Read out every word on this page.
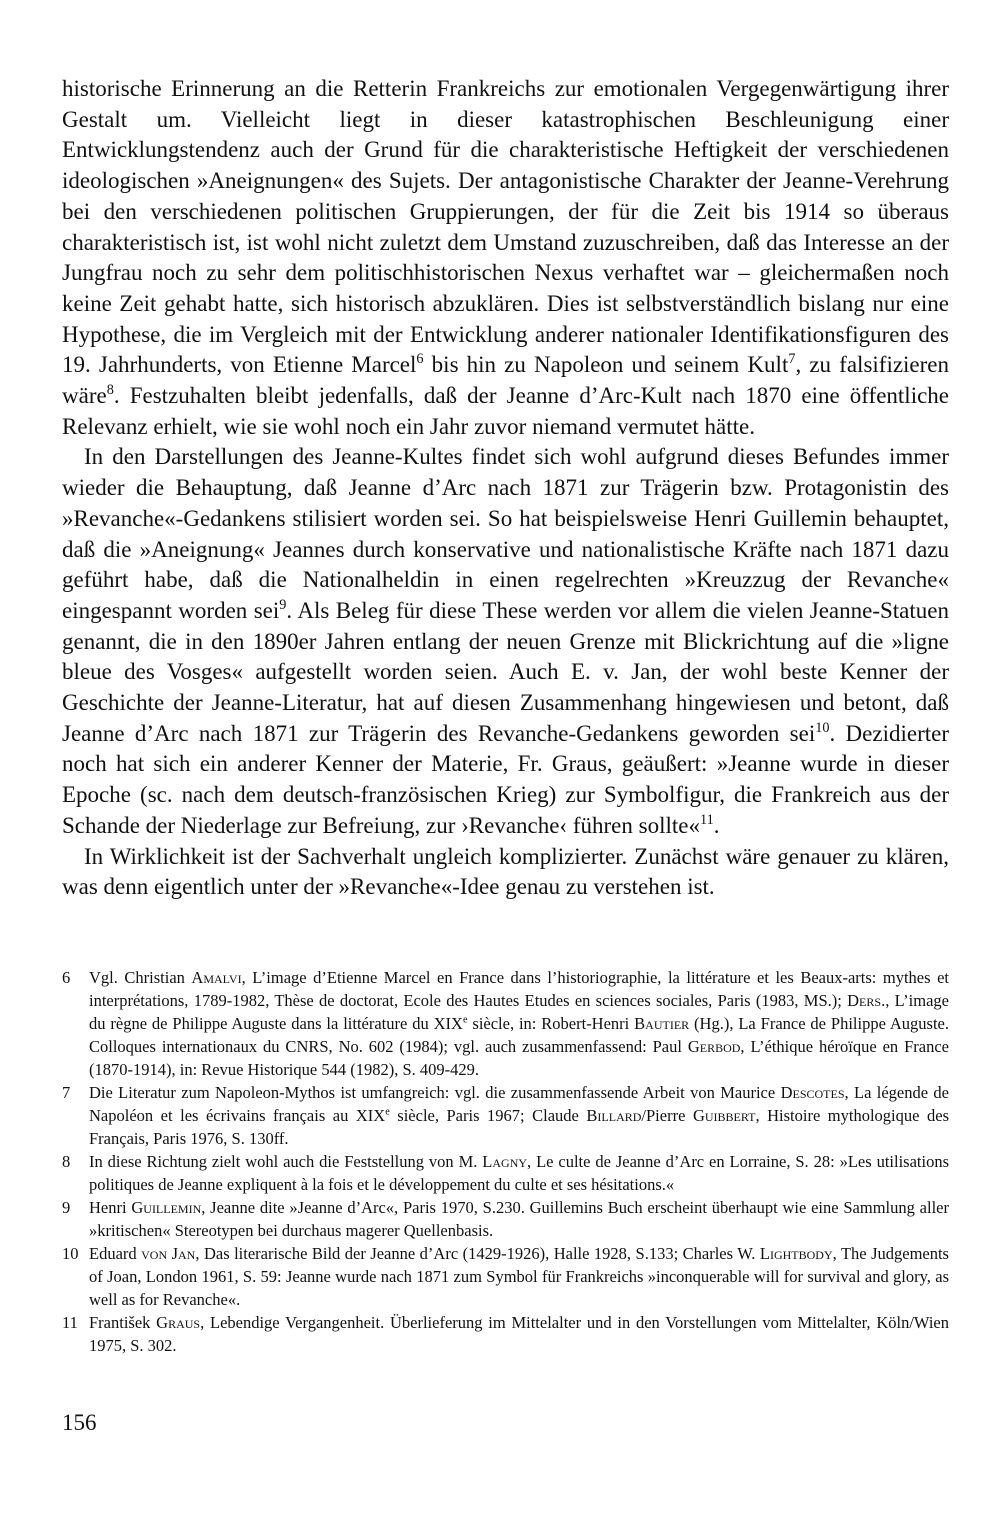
historische Erinnerung an die Retterin Frankreichs zur emotionalen Vergegenwärtigung ihrer Gestalt um. Vielleicht liegt in dieser katastrophischen Beschleunigung einer Entwicklungstendenz auch der Grund für die charakteristische Heftigkeit der verschiedenen ideologischen »Aneignungen« des Sujets. Der antagonistische Charakter der Jeanne-Verehrung bei den verschiedenen politischen Gruppierungen, der für die Zeit bis 1914 so überaus charakteristisch ist, ist wohl nicht zuletzt dem Umstand zuzuschreiben, daß das Interesse an der Jungfrau noch zu sehr dem politischhistorischen Nexus verhaftet war – gleichermaßen noch keine Zeit gehabt hatte, sich historisch abzuklären. Dies ist selbstverständlich bislang nur eine Hypothese, die im Vergleich mit der Entwicklung anderer nationaler Identifikationsfiguren des 19. Jahrhunderts, von Etienne Marcel$^6$ bis hin zu Napoleon und seinem Kult$^7$, zu falsifizieren wäre$^8$. Festzuhalten bleibt jedenfalls, daß der Jeanne d’Arc-Kult nach 1870 eine öffentliche Relevanz erhielt, wie sie wohl noch ein Jahr zuvor niemand vermutet hätte.

In den Darstellungen des Jeanne-Kultes findet sich wohl aufgrund dieses Befundes immer wieder die Behauptung, daß Jeanne d’Arc nach 1871 zur Trägerin bzw. Protagonistin des »Revanche«-Gedankens stilisiert worden sei. So hat beispielsweise Henri Guillemin behauptet, daß die »Aneignung« Jeannes durch konservative und nationalistische Kräfte nach 1871 dazu geführt habe, daß die Nationalheldin in einen regelrechten »Kreuzzug der Revanche« eingespannt worden sei$^9$. Als Beleg für diese These werden vor allem die vielen Jeanne-Statuen genannt, die in den 1890er Jahren entlang der neuen Grenze mit Blickrichtung auf die »ligne bleue des Vosges« aufgestellt worden seien. Auch E. v. Jan, der wohl beste Kenner der Geschichte der Jeanne-Literatur, hat auf diesen Zusammenhang hingewiesen und betont, daß Jeanne d’Arc nach 1871 zur Trägerin des Revanche-Gedankens geworden sei$^{10}$. Dezidierter noch hat sich ein anderer Kenner der Materie, Fr. Graus, geäußert: »Jeanne wurde in dieser Epoche (sc. nach dem deutsch-französischen Krieg) zur Symbolfigur, die Frankreich aus der Schande der Niederlage zur Befreiung, zur ›Revanche‹ führen sollte«$^{11}$.

In Wirklichkeit ist der Sachverhalt ungleich komplizierter. Zunächst wäre genauer zu klären, was denn eigentlich unter der »Revanche«-Idee genau zu verstehen ist.

6 Vgl. Christian Amalvi, L’image d’Etienne Marcel en France dans l’historiographie, la littérature et les Beaux-arts: mythes et interprétations, 1789-1982, Thèse de doctorat, Ecole des Hautes Etudes en sciences sociales, Paris (1983, MS.); Ders., L’image du règne de Philippe Auguste dans la littérature du XIXe siècle, in: Robert-Henri Bautier (Hg.), La France de Philippe Auguste. Colloques internationaux du CNRS, No. 602 (1984); vgl. auch zusammenfassend: Paul Gerbod, L’éthique héroïque en France (1870-1914), in: Revue Historique 544 (1982), S. 409-429.
7 Die Literatur zum Napoleon-Mythos ist umfangreich: vgl. die zusammenfassende Arbeit von Maurice Descotes, La légende de Napoléon et les écrivains français au XIXe siècle, Paris 1967; Claude Billard/Pierre Guibbert, Histoire mythologique des Français, Paris 1976, S. 130ff.
8 In diese Richtung zielt wohl auch die Feststellung von M. Lagny, Le culte de Jeanne d’Arc en Lorraine, S. 28: »Les utilisations politiques de Jeanne expliquent à la fois et le développement du culte et ses hésitations.«
9 Henri Guillemin, Jeanne dite »Jeanne d’Arc«, Paris 1970, S.230. Guillemins Buch erscheint überhaupt wie eine Sammlung aller »kritischen« Stereotypen bei durchaus magerer Quellenbasis.
10 Eduard von Jan, Das literarische Bild der Jeanne d’Arc (1429-1926), Halle 1928, S.133; Charles W. Lightbody, The Judgements of Joan, London 1961, S. 59: Jeanne wurde nach 1871 zum Symbol für Frankreichs »inconquerable will for survival and glory, as well as for Revanche«.
11 František Graus, Lebendige Vergangenheit. Überlieferung im Mittelalter und in den Vorstellungen vom Mittelalter, Köln/Wien 1975, S. 302.
156
